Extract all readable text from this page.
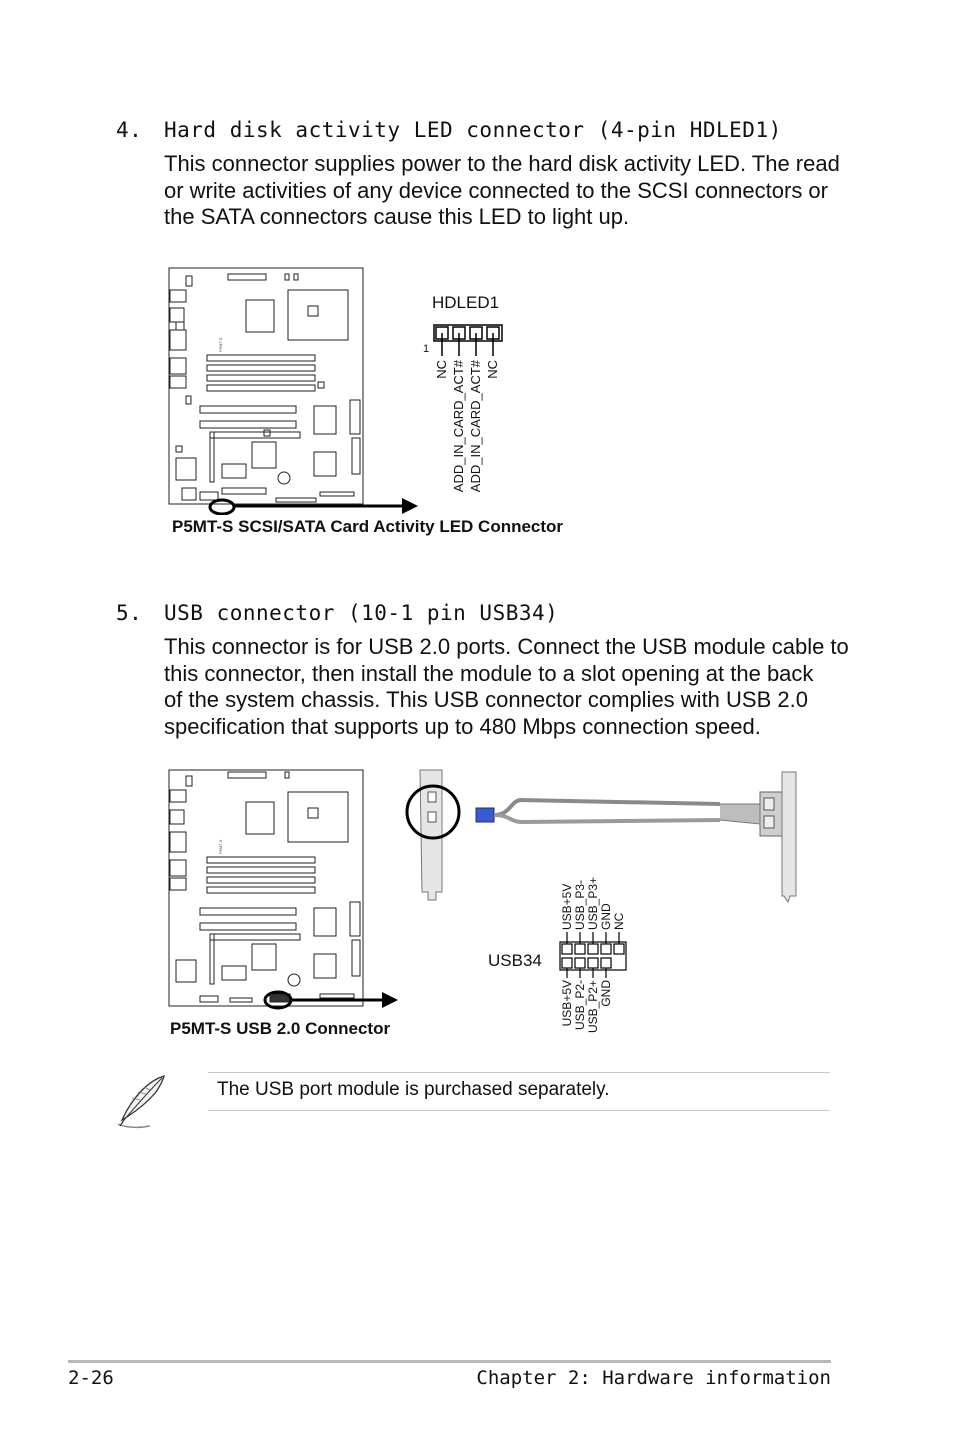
4. Hard disk activity LED connector (4-pin HDLED1)
This connector supplies power to the hard disk activity LED. The read
or write activities of any device connected to the SCSI connectors or
the SATA connectors cause this LED to light up.
P5MT-S
HDLED1
1
NC ADD_IN_CARD_ACT# ADD_IN_CARD_ACT# NC
P5MT-S SCSI/SATA Card Activity LED Connector
5. USB connector (10-1 pin USB34)
This connector is for USB 2.0 ports. Connect the USB module cable to
this connector, then install the module to a slot opening at the back
of the system chassis. This USB connector complies with USB 2.0
specification that supports up to 480 Mbps connection speed.
P5MT-S
USB34
USB+5V USB_P3- USB_P3+ GND NC
USB+5V USB_P2- USB_P2+ GND
P5MT-S USB 2.0 Connector
The USB port module is purchased separately.
2-26	Chapter 2: Hardware information
